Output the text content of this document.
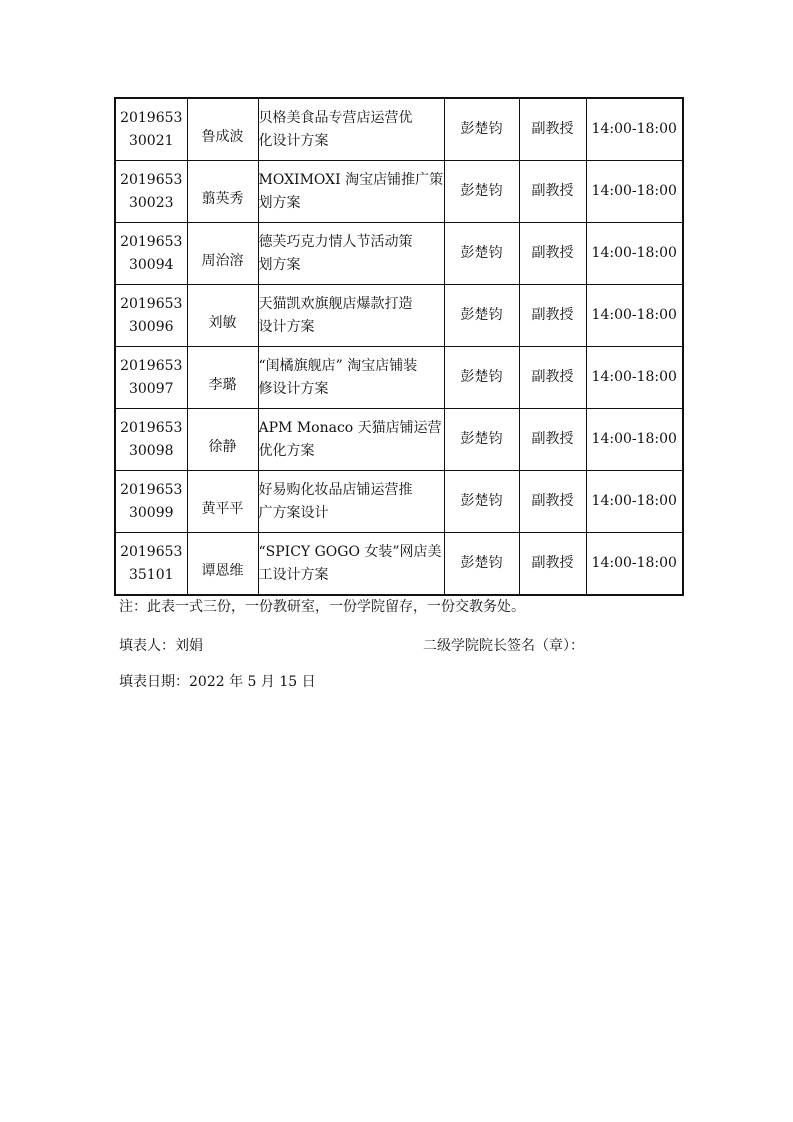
2019653
30021	鲁成波	贝格美食品专营店运营优
化设计方案	彭楚钧	副教授	14:00-18:00

2019653
30023	翦英秀	MOXIMOXI 淘宝店铺推广策
划方案	彭楚钧	副教授	14:00-18:00

2019653
30094	周治溶	德芙巧克力情人节活动策
划方案	彭楚钧	副教授	14:00-18:00

2019653
30096	刘敏	天猫凯欢旗舰店爆款打造
设计方案	彭楚钧	副教授	14:00-18:00

2019653
30097	李璐	“闺橘旗舰店” 淘宝店铺装
修设计方案	彭楚钧	副教授	14:00-18:00

2019653
30098	徐静	APM Monaco 天猫店铺运营
优化方案	彭楚钧	副教授	14:00-18:00

2019653
30099	黄平平	好易购化妆品店铺运营推
广方案设计	彭楚钧	副教授	14:00-18:00

2019653
35101	谭恩维	“SPICY GOGO 女装”网店美
工设计方案	彭楚钧	副教授	14:00-18:00
注：此表一式三份，一份教研室，一份学院留存，一份交教务处。
填表人：刘娟	二级学院院长签名（章）：
填表日期：2022 年 5 月 15 日
